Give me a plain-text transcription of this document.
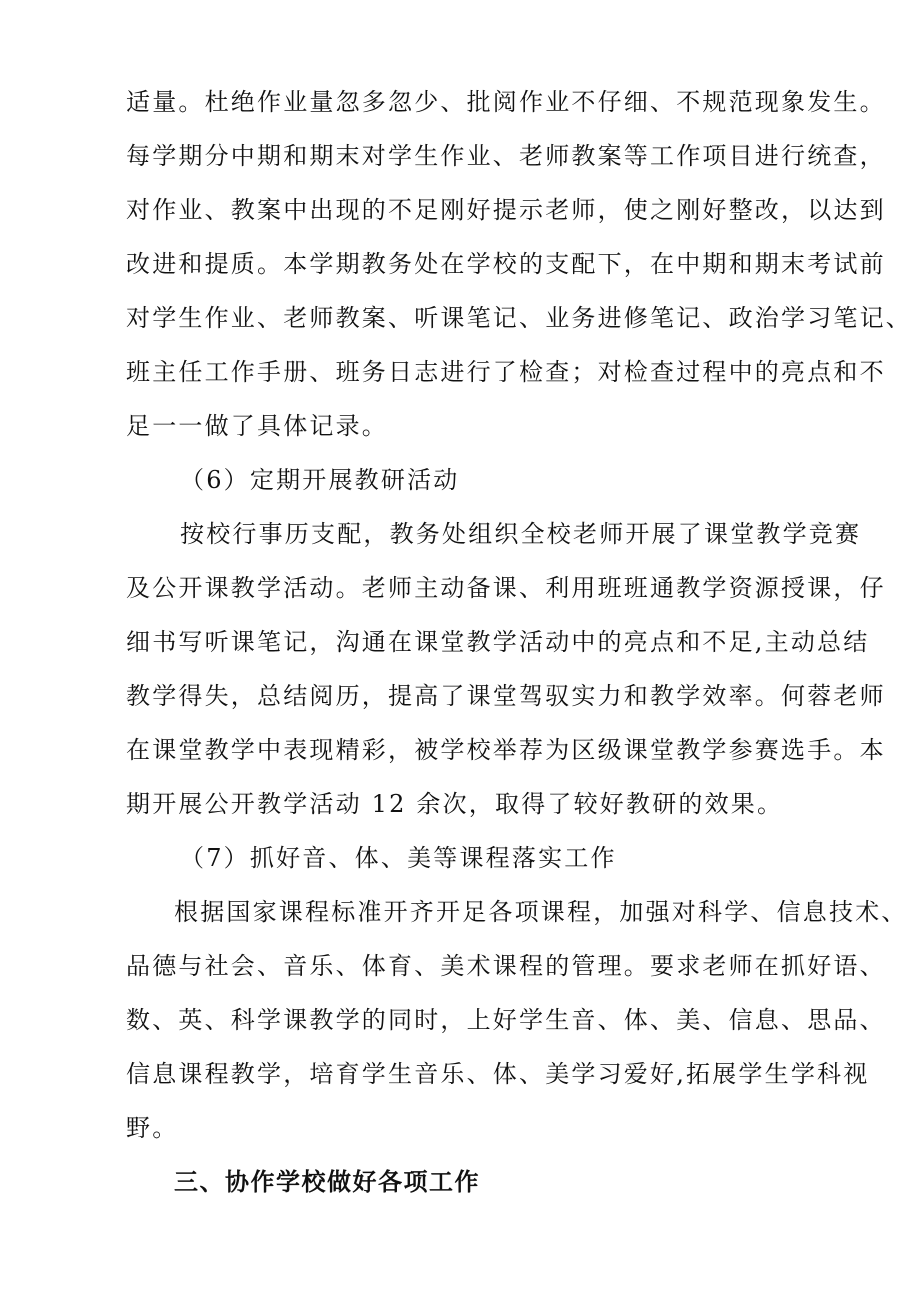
适量。杜绝作业量忽多忽少、批阅作业不仔细、不规范现象发生。
每学期分中期和期末对学生作业、老师教案等工作项目进行统查，
对作业、教案中出现的不足刚好提示老师，使之刚好整改，以达到
改进和提质。本学期教务处在学校的支配下，在中期和期末考试前
对学生作业、老师教案、听课笔记、业务进修笔记、政治学习笔记、
班主任工作手册、班务日志进行了检查；对检查过程中的亮点和不
足一一做了具体记录。
（6）定期开展教研活动
按校行事历支配，教务处组织全校老师开展了课堂教学竞赛
及公开课教学活动。老师主动备课、利用班班通教学资源授课，仔
细书写听课笔记，沟通在课堂教学活动中的亮点和不足,主动总结
教学得失，总结阅历，提高了课堂驾驭实力和教学效率。何蓉老师
在课堂教学中表现精彩，被学校举荐为区级课堂教学参赛选手。本
期开展公开教学活动 12 余次，取得了较好教研的效果。
（7）抓好音、体、美等课程落实工作
根据国家课程标准开齐开足各项课程，加强对科学、信息技术、
品德与社会、音乐、体育、美术课程的管理。要求老师在抓好语、
数、英、科学课教学的同时，上好学生音、体、美、信息、思品、
信息课程教学，培育学生音乐、体、美学习爱好,拓展学生学科视
野。
三、协作学校做好各项工作
